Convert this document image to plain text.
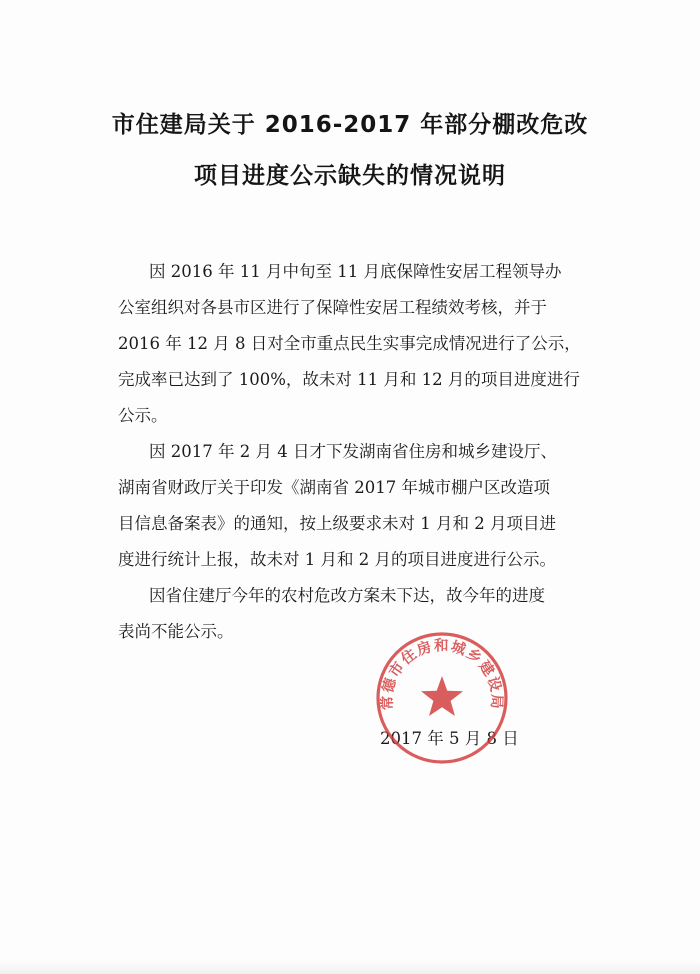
市住建局关于 2016-2017 年部分棚改危改
项目进度公示缺失的情况说明

因 2016 年 11 月中旬至 11 月底保障性安居工程领导办

公室组织对各县市区进行了保障性安居工程绩效考核，并于

2016 年 12 月 8 日对全市重点民生实事完成情况进行了公示，

完成率已达到了 100%，故未对 11 月和 12 月的项目进度进行

公示。

因 2017 年 2 月 4 日才下发湖南省住房和城乡建设厅、

湖南省财政厅关于印发《湖南省 2017 年城市棚户区改造项

目信息备案表》的通知，按上级要求未对 1 月和 2 月项目进

度进行统计上报，故未对 1 月和 2 月的项目进度进行公示。

因省住建厅今年的农村危改方案未下达，故今年的进度

表尚不能公示。

2017 年 5 月 8 日
常德市住房和城乡建设局
